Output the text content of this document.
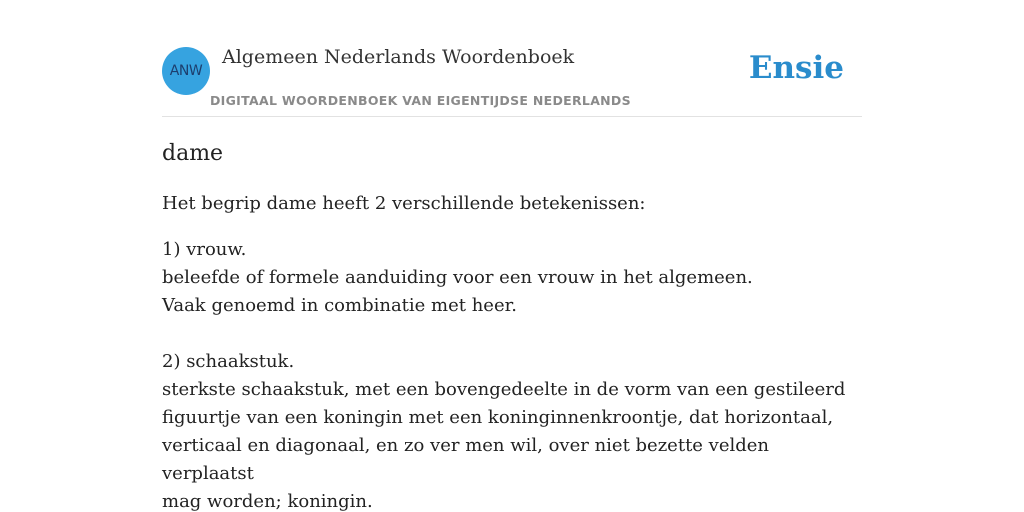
ANW
Algemeen Nederlands Woordenboek
DIGITAAL WOORDENBOEK VAN EIGENTIJDSE NEDERLANDS
Ensie
dame

Het begrip dame heeft 2 verschillende betekenissen:

1) vrouw.
beleefde of formele aanduiding voor een vrouw in het algemeen.
Vaak genoemd in combinatie met heer.
2) schaakstuk.
sterkste schaakstuk, met een bovengedeelte in de vorm van een gestileerd
figuurtje van een koningin met een koninginnenkroontje, dat horizontaal,
verticaal en diagonaal, en zo ver men wil, over niet bezette velden verplaatst
mag worden; koningin.
